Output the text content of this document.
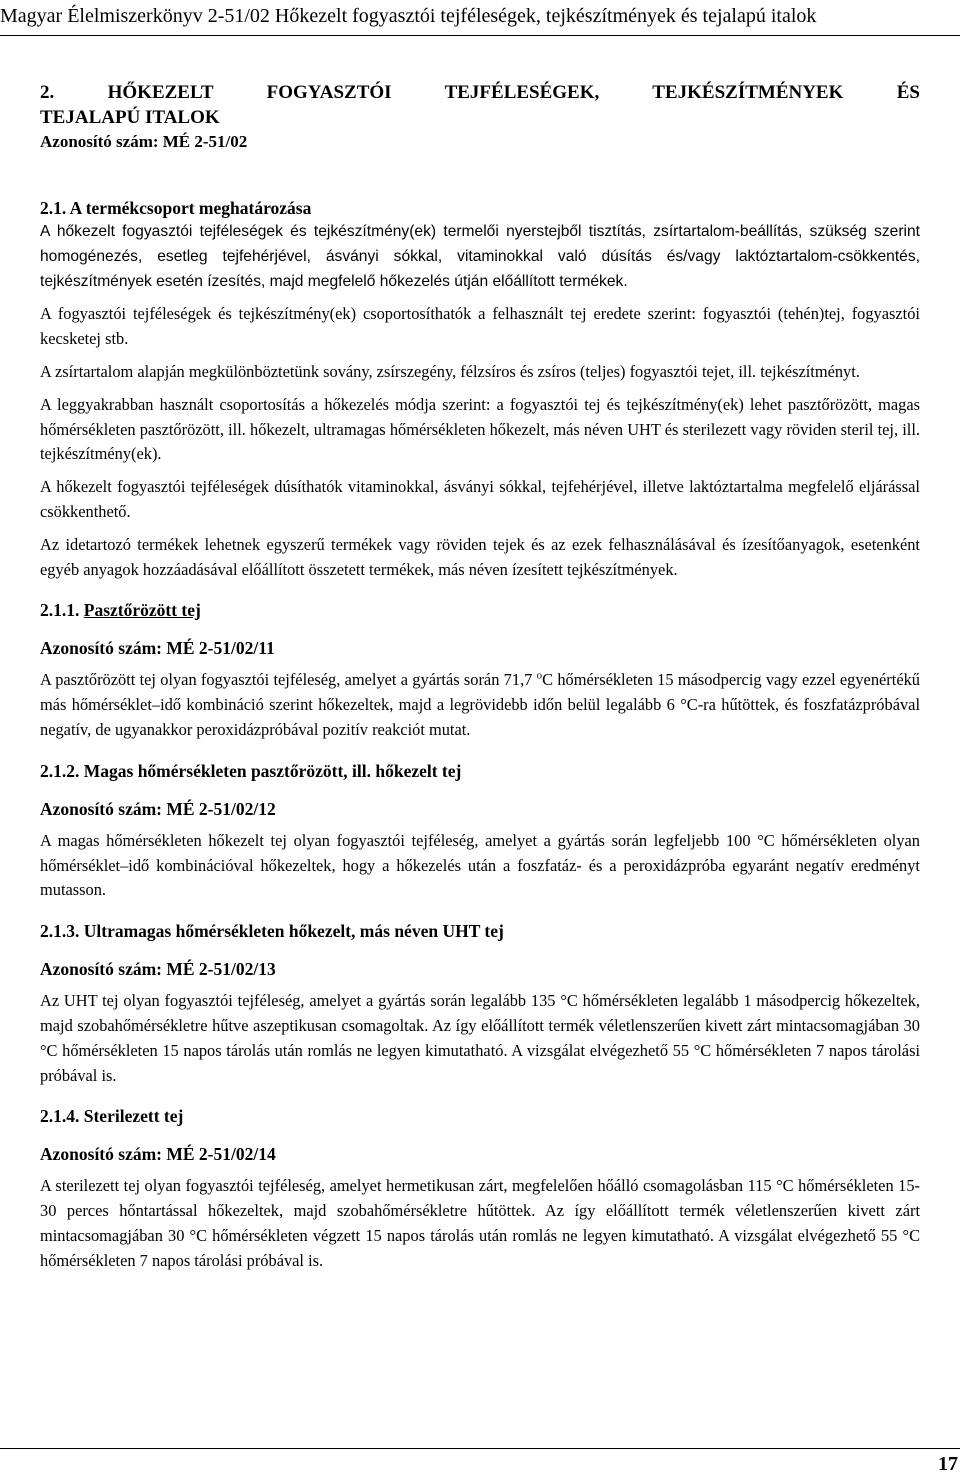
Magyar Élelmiszerkönyv 2-51/02 Hőkezelt fogyasztói tejféleségek, tejkészítmények és tejalapú italok

2. HŐKEZELT FOGYASZTÓI TEJFÉLESÉGEK, TEJKÉSZÍTMÉNYEK ÉS

TEJALAPÚ ITALOK

Azonosító szám: MÉ 2-51/02

2.1. A termékcsoport meghatározása

A hőkezelt fogyasztói tejféleségek és tejkészítmény(ek) termelői nyerstejből tisztítás, zsírtartalom-beállítás, szükség szerint homogénezés, esetleg tejfehérjével, ásványi sókkal, vitaminokkal való dúsítás és/vagy laktóztartalom-csökkentés, tejkészítmények esetén ízesítés, majd megfelelő hőkezelés útján előállított termékek.

A fogyasztói tejféleségek és tejkészítmény(ek) csoportosíthatók a felhasznált tej eredete szerint: fogyasztói (tehén)tej, fogyasztói kecsketej stb.

A zsírtartalom alapján megkülönböztetünk sovány, zsírszegény, félzsíros és zsíros (teljes) fogyasztói tejet, ill. tejkészítményt.

A leggyakrabban használt csoportosítás a hőkezelés módja szerint: a fogyasztói tej és tejkészítmény(ek) lehet pasztőrözött, magas hőmérsékleten pasztőrözött, ill. hőkezelt, ultramagas hőmérsékleten hőkezelt, más néven UHT és sterilezett vagy röviden steril tej, ill. tejkészítmény(ek).

A hőkezelt fogyasztói tejféleségek dúsíthatók vitaminokkal, ásványi sókkal, tejfehérjével, illetve laktóztartalma megfelelő eljárással csökkenthető.

Az idetartozó termékek lehetnek egyszerű termékek vagy röviden tejek és az ezek felhasználásával és ízesítőanyagok, esetenként egyéb anyagok hozzáadásával előállított összetett termékek, más néven ízesített tejkészítmények.

2.1.1. Pasztőrözött tej

Azonosító szám: MÉ 2-51/02/11

A pasztőrözött tej olyan fogyasztói tejféleség, amelyet a gyártás során 71,7 $^o$C hőmérsékleten 15 másodpercig vagy ezzel egyenértékű más hőmérséklet–idő kombináció szerint hőkezeltek, majd a legrövidebb időn belül legalább 6 °C-ra hűtöttek, és foszfatázpróbával negatív, de ugyanakkor peroxidázpróbával pozitív reakciót mutat.

2.1.2. Magas hőmérsékleten pasztőrözött, ill. hőkezelt tej

Azonosító szám: MÉ 2-51/02/12

A magas hőmérsékleten hőkezelt tej olyan fogyasztói tejféleség, amelyet a gyártás során legfeljebb 100 °C hőmérsékleten olyan hőmérséklet–idő kombinációval hőkezeltek, hogy a hőkezelés után a foszfatáz- és a peroxidázpróba egyaránt negatív eredményt mutasson.

2.1.3. Ultramagas hőmérsékleten hőkezelt, más néven UHT tej

Azonosító szám: MÉ 2-51/02/13

Az UHT tej olyan fogyasztói tejféleség, amelyet a gyártás során legalább 135 °C hőmérsékleten legalább 1 másodpercig hőkezeltek, majd szobahőmérsékletre hűtve aszeptikusan csomagoltak. Az így előállított termék véletlenszerűen kivett zárt mintacsomagjában 30 °C hőmérsékleten 15 napos tárolás után romlás ne legyen kimutatható. A vizsgálat elvégezhető 55 °C hőmérsékleten 7 napos tárolási próbával is.

2.1.4. Sterilezett tej

Azonosító szám: MÉ 2-51/02/14

A sterilezett tej olyan fogyasztói tejféleség, amelyet hermetikusan zárt, megfelelően hőálló csomagolásban 115 °C hőmérsékleten 15-30 perces hőntartással hőkezeltek, majd szobahőmérsékletre hűtöttek. Az így előállított termék véletlenszerűen kivett zárt mintacsomagjában 30 °C hőmérsékleten végzett 15 napos tárolás után romlás ne legyen kimutatható. A vizsgálat elvégezhető 55 °C hőmérsékleten 7 napos tárolási próbával is.

17
